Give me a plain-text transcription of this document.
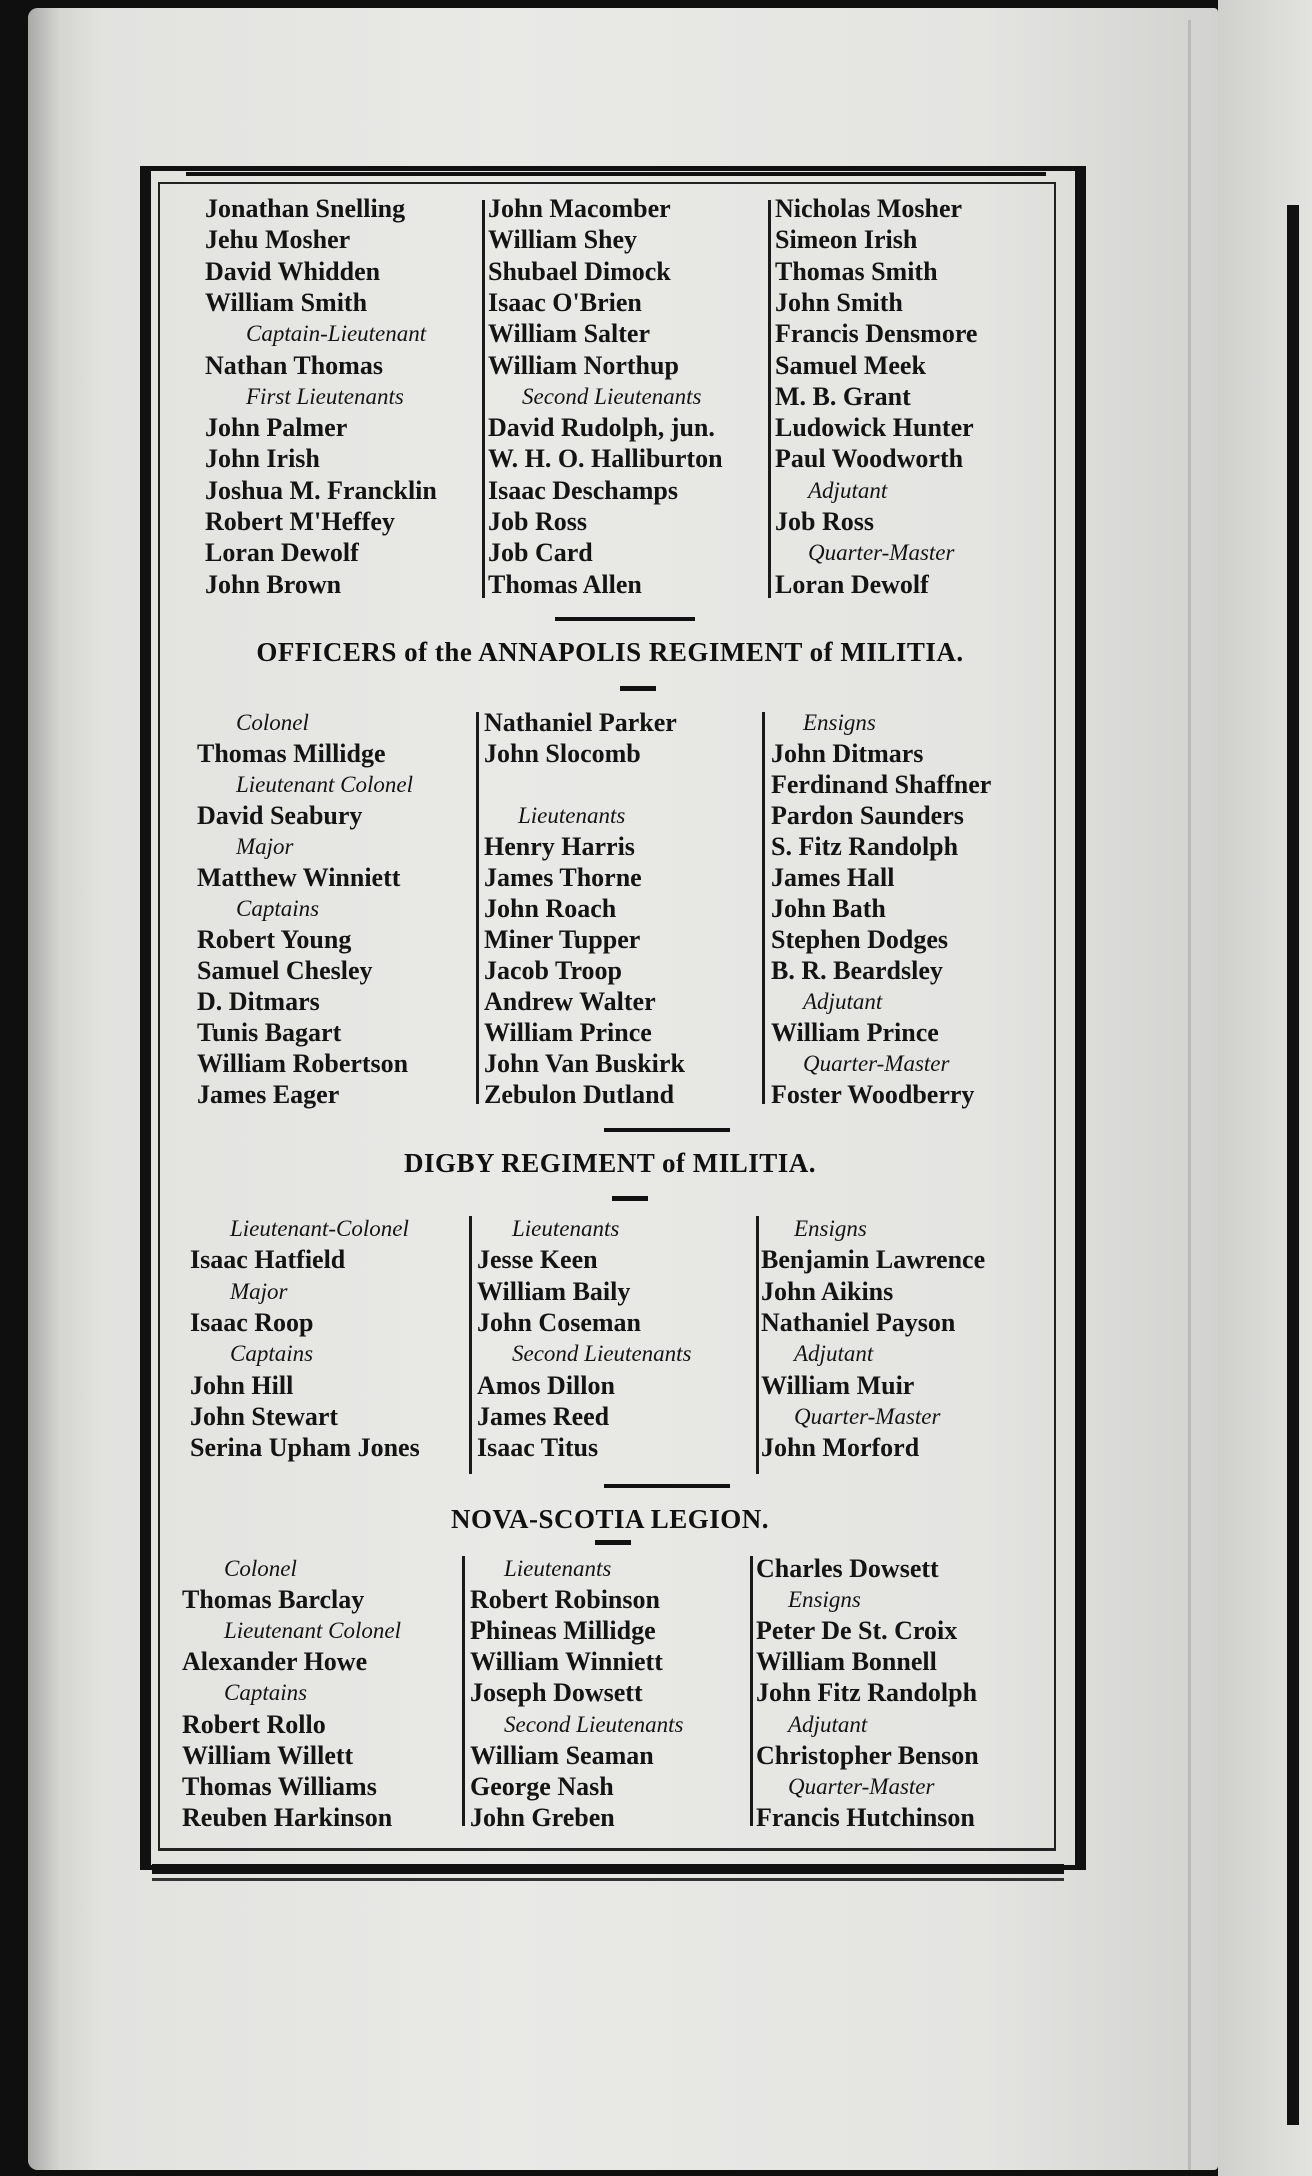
Jonathan Snelling
Jehu Mosher
David Whidden
William Smith
Captain-Lieutenant
Nathan Thomas
First Lieutenants
John Palmer
John Irish
Joshua M. Francklin
Robert M'Heffey
Loran Dewolf
John Brown
John Macomber
William Shey
Shubael Dimock
Isaac O'Brien
William Salter
William Northup
Second Lieutenants
David Rudolph, jun.
W. H. O. Halliburton
Isaac Deschamps
Job Ross
Job Card
Thomas Allen
Nicholas Mosher
Simeon Irish
Thomas Smith
John Smith
Francis Densmore
Samuel Meek
M. B. Grant
Ludowick Hunter
Paul Woodworth
Adjutant
Job Ross
Quarter-Master
Loran Dewolf
OFFICERS of the ANNAPOLIS REGIMENT of MILITIA.
Colonel
Thomas Millidge
Lieutenant Colonel
David Seabury
Major
Matthew Winniett
Captains
Robert Young
Samuel Chesley
D. Ditmars
Tunis Bagart
William Robertson
James Eager
Nathaniel Parker
John Slocomb
Lieutenants
Henry Harris
James Thorne
John Roach
Miner Tupper
Jacob Troop
Andrew Walter
William Prince
John Van Buskirk
Zebulon Dutland
Ensigns
John Ditmars
Ferdinand Shaffner
Pardon Saunders
S. Fitz Randolph
James Hall
John Bath
Stephen Dodges
B. R. Beardsley
Adjutant
William Prince
Quarter-Master
Foster Woodberry
DIGBY REGIMENT of MILITIA.
Lieutenant-Colonel
Isaac Hatfield
Major
Isaac Roop
Captains
John Hill
John Stewart
Serina Upham Jones
Lieutenants
Jesse Keen
William Baily
John Coseman
Second Lieutenants
Amos Dillon
James Reed
Isaac Titus
Ensigns
Benjamin Lawrence
John Aikins
Nathaniel Payson
Adjutant
William Muir
Quarter-Master
John Morford
NOVA-SCOTIA LEGION.
Colonel
Thomas Barclay
Lieutenant Colonel
Alexander Howe
Captains
Robert Rollo
William Willett
Thomas Williams
Reuben Harkinson
Lieutenants
Robert Robinson
Phineas Millidge
William Winniett
Joseph Dowsett
Second Lieutenants
William Seaman
George Nash
John Greben
Charles Dowsett
Ensigns
Peter De St. Croix
William Bonnell
John Fitz Randolph
Adjutant
Christopher Benson
Quarter-Master
Francis Hutchinson
